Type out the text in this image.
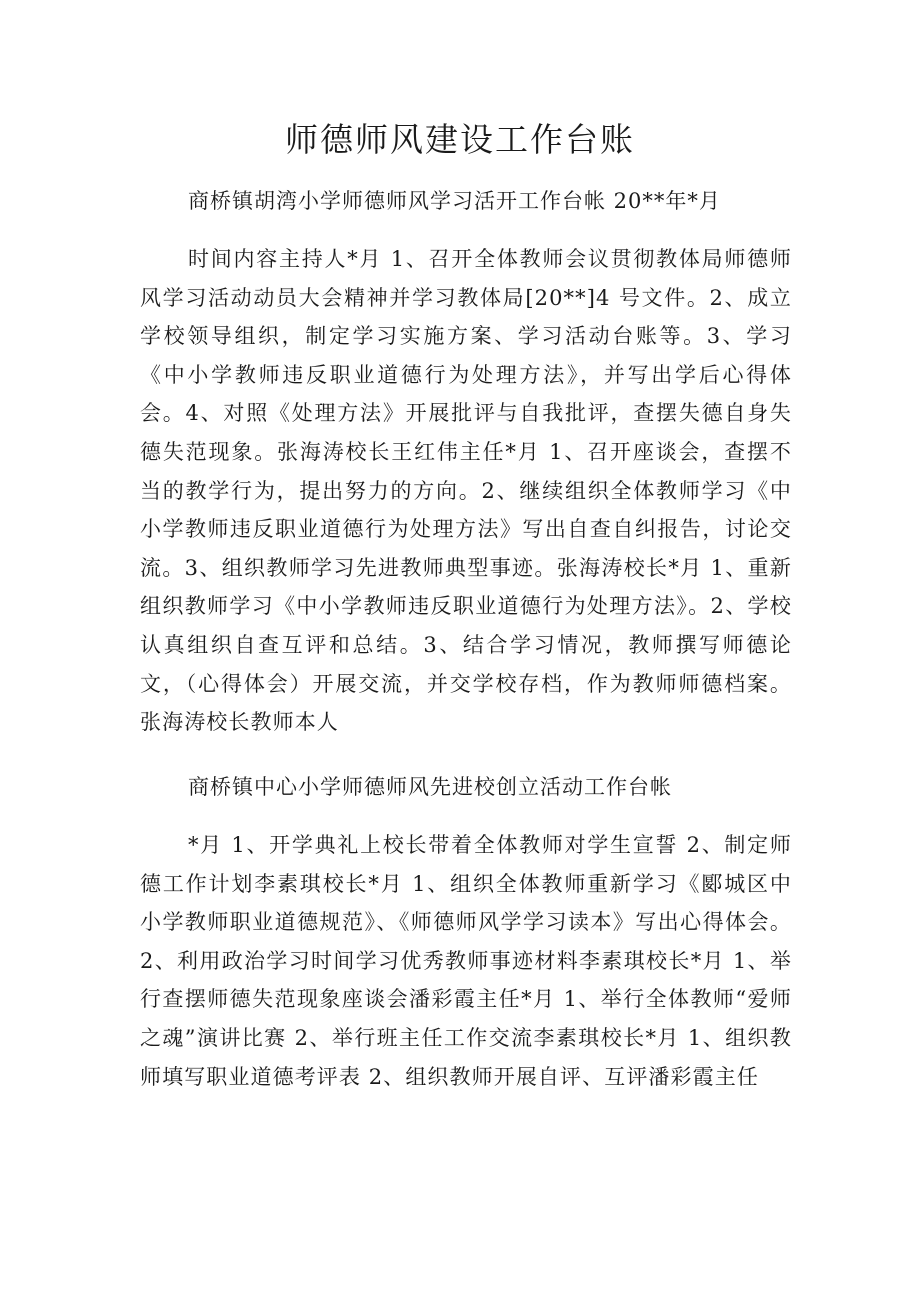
师德师风建设工作台账

商桥镇胡湾小学师德师风学习活开工作台帐 20**年*月

时间内容主持人*月 1、召开全体教师会议贯彻教体局师德师风学习活动动员大会精神并学习教体局[20**]4 号文件。2、成立学校领导组织，制定学习实施方案、学习活动台账等。3、学习《中小学教师违反职业道德行为处理方法》，并写出学后心得体会。4、对照《处理方法》开展批评与自我批评，查摆失德自身失德失范现象。张海涛校长王红伟主任*月 1、召开座谈会，查摆不当的教学行为，提出努力的方向。2、继续组织全体教师学习《中小学教师违反职业道德行为处理方法》写出自查自纠报告，讨论交流。3、组织教师学习先进教师典型事迹。张海涛校长*月 1、重新组织教师学习《中小学教师违反职业道德行为处理方法》。2、学校认真组织自查互评和总结。3、结合学习情况，教师撰写师德论文，（心得体会）开展交流，并交学校存档，作为教师师德档案。张海涛校长教师本人

商桥镇中心小学师德师风先进校创立活动工作台帐

*月 1、开学典礼上校长带着全体教师对学生宣誓 2、制定师德工作计划李素琪校长*月 1、组织全体教师重新学习《郾城区中小学教师职业道德规范》、《师德师风学学习读本》写出心得体会。2、利用政治学习时间学习优秀教师事迹材料李素琪校长*月 1、举行查摆师德失范现象座谈会潘彩霞主任*月 1、举行全体教师“爱师之魂”演讲比赛 2、举行班主任工作交流李素琪校长*月 1、组织教师填写职业道德考评表 2、组织教师开展自评、互评潘彩霞主任
